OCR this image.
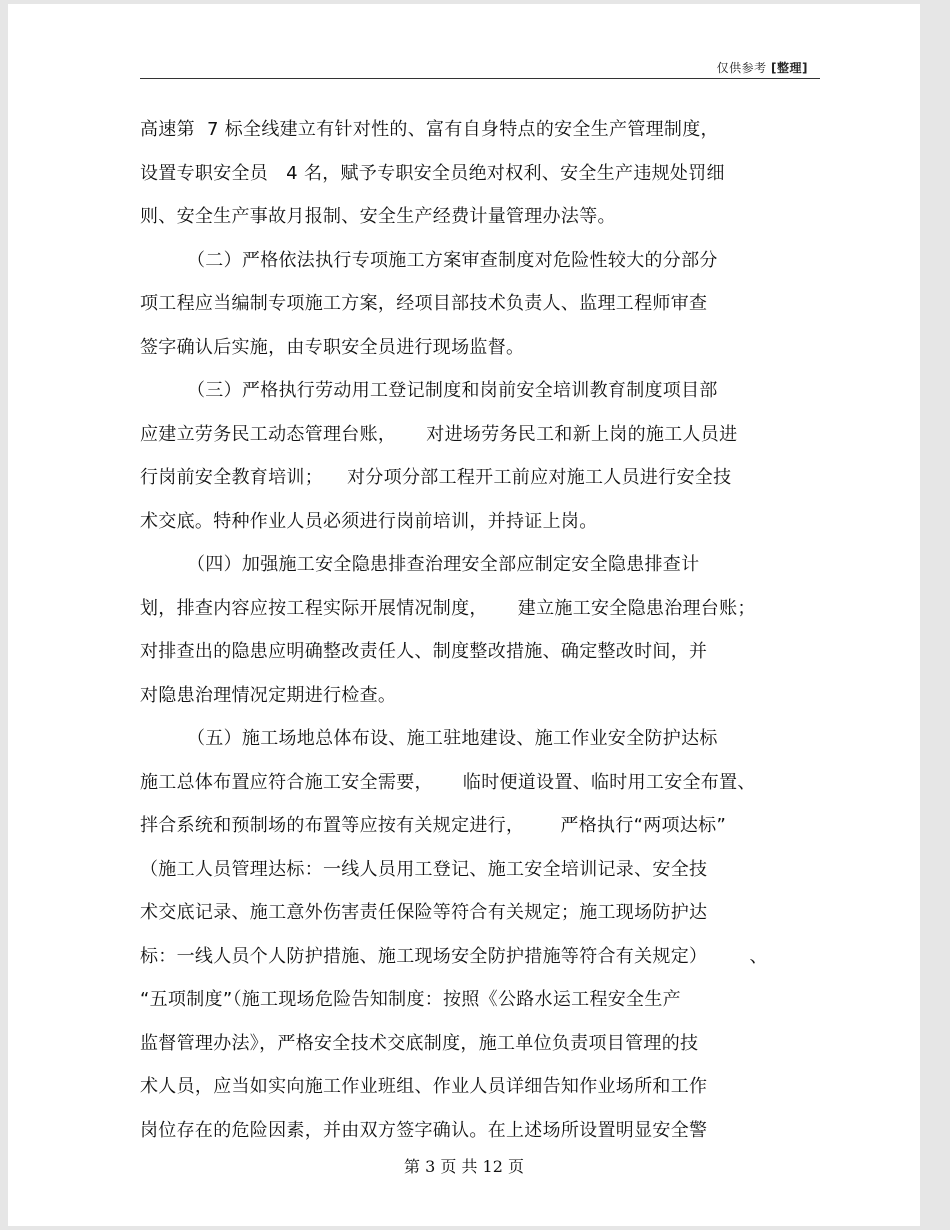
仅供参考 [整理]
高速第  7 标全线建立有针对性的、富有自身特点的安全生产管理制度，
设置专职安全员   4 名，赋予专职安全员绝对权利、安全生产违规处罚细
则、安全生产事故月报制、安全生产经费计量管理办法等。
（二）严格依法执行专项施工方案审查制度对危险性较大的分部分
项工程应当编制专项施工方案，经项目部技术负责人、监理工程师审查
签字确认后实施，由专职安全员进行现场监督。
（三）严格执行劳动用工登记制度和岗前安全培训教育制度项目部
应建立劳务民工动态管理台账，     对进场劳务民工和新上岗的施工人员进
行岗前安全教育培训；    对分项分部工程开工前应对施工人员进行安全技
术交底。特种作业人员必须进行岗前培训，并持证上岗。
（四）加强施工安全隐患排查治理安全部应制定安全隐患排查计
划，排查内容应按工程实际开展情况制度，     建立施工安全隐患治理台账；
对排查出的隐患应明确整改责任人、制度整改措施、确定整改时间，并
对隐患治理情况定期进行检查。
（五）施工场地总体布设、施工驻地建设、施工作业安全防护达标
施工总体布置应符合施工安全需要，     临时便道设置、临时用工安全布置、
拌合系统和预制场的布置等应按有关规定进行，      严格执行“两项达标”
（施工人员管理达标：一线人员用工登记、施工安全培训记录、安全技
术交底记录、施工意外伤害责任保险等符合有关规定；施工现场防护达
标：一线人员个人防护措施、施工现场安全防护措施等符合有关规定）       、
“五项制度”（施工现场危险告知制度：按照《公路水运工程安全生产
监督管理办法》，严格安全技术交底制度，施工单位负责项目管理的技
术人员，应当如实向施工作业班组、作业人员详细告知作业场所和工作
岗位存在的危险因素，并由双方签字确认。在上述场所设置明显安全警
第 3 页 共 12 页
